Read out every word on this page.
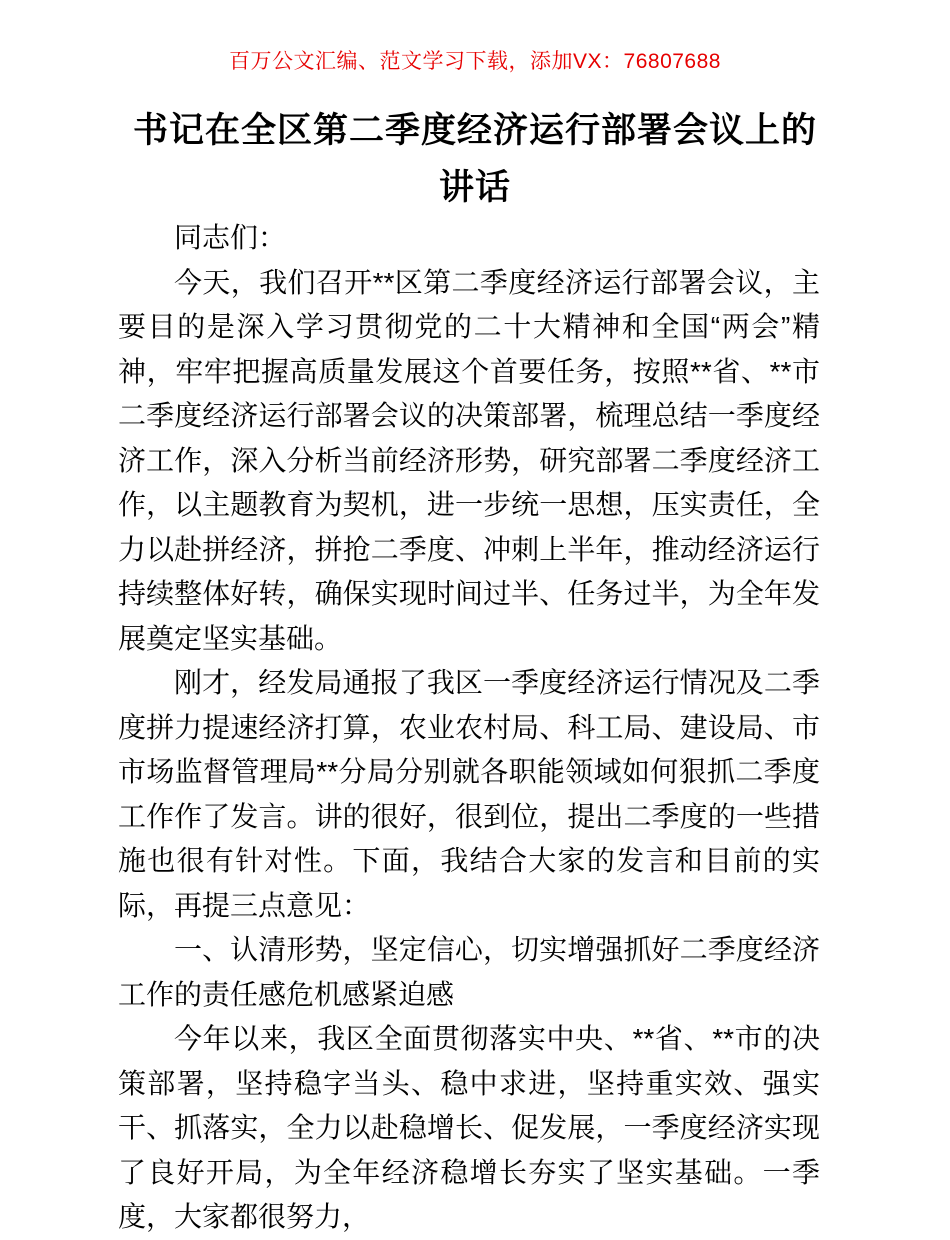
百万公文汇编、范文学习下载，添加VX：76807688
书记在全区第二季度经济运行部署会议上的讲话

同志们：

今天，我们召开**区第二季度经济运行部署会议，主要目的是深入学习贯彻党的二十大精神和全国“两会”精神，牢牢把握高质量发展这个首要任务，按照**省、**市二季度经济运行部署会议的决策部署，梳理总结一季度经济工作，深入分析当前经济形势，研究部署二季度经济工作，以主题教育为契机，进一步统一思想，压实责任，全力以赴拼经济，拼抢二季度、冲刺上半年，推动经济运行持续整体好转，确保实现时间过半、任务过半，为全年发展奠定坚实基础。

刚才，经发局通报了我区一季度经济运行情况及二季度拼力提速经济打算，农业农村局、科工局、建设局、市市场监督管理局**分局分别就各职能领域如何狠抓二季度工作作了发言。讲的很好，很到位，提出二季度的一些措施也很有针对性。下面，我结合大家的发言和目前的实际，再提三点意见：

一、认清形势，坚定信心，切实增强抓好二季度经济工作的责任感危机感紧迫感

今年以来，我区全面贯彻落实中央、**省、**市的决策部署，坚持稳字当头、稳中求进，坚持重实效、强实干、抓落实，全力以赴稳增长、促发展，一季度经济实现了良好开局，为全年经济稳增长夯实了坚实基础。一季度，大家都很努力，
